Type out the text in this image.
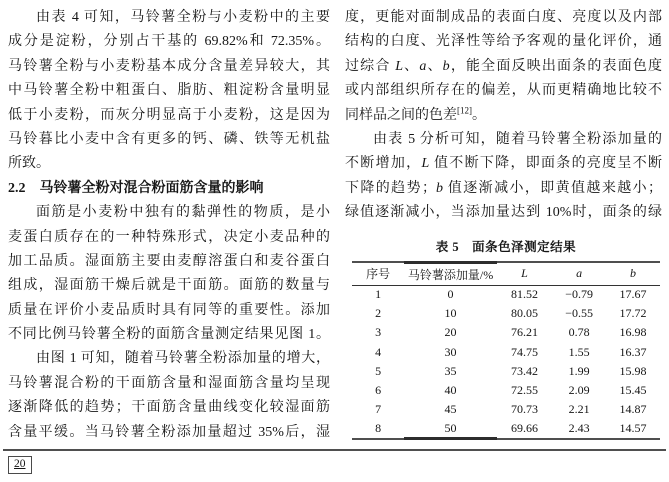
由表 4 可知，马铃薯全粉与小麦粉中的主要
成分是淀粉，分别占干基的 69.82%和 72.35%。
马铃薯全粉与小麦粉基本成分含量差异较大，其
中马铃薯全粉中粗蛋白、脂肪、粗淀粉含量明显
低于小麦粉，而灰分明显高于小麦粉，这是因为
马铃暮比小麦中含有更多的钙、磷、铁等无机盐
所致。
2.2　马铃薯全粉对混合粉面筋含量的影响
面筋是小麦粉中独有的黏弹性的物质，是小
麦蛋白质存在的一种特殊形式，决定小麦品种的
加工品质。湿面筋主要由麦醇溶蛋白和麦谷蛋白
组成，湿面筋干燥后就是干面筋。面筋的数量与
质量在评价小麦品质时具有同等的重要性。添加
不同比例马铃薯全粉的面筋含量测定结果见图 1。
由图 1 可知，随着马铃薯全粉添加量的增大，
马铃薯混合粉的干面筋含量和湿面筋含量均呈现
逐渐降低的趋势；干面筋含量曲线变化较湿面筋
含量平缓。当马铃薯全粉添加量超过 35%后，湿
度，更能对面制成品的表面白度、亮度以及内部
结构的白度、光泽性等给予客观的量化评价，通
过综合 L、a、b，能全面反映出面条的表面色度
或内部组织所存在的偏差，从而更精确地比较不
同样品之间的色差[12]。
由表 5 分析可知，随着马铃薯全粉添加量的
不断增加，L 值不断下降，即面条的亮度呈不断
下降的趋势；b 值逐渐减小，即黄值越来越小；
绿值逐渐减小，当添加量达到 10%时，面条的绿
表 5　面条色泽测定结果
序号	马铃薯添加量/%	L	a	b
1	0	81.52	−0.79	17.67
2	10	80.05	−0.55	17.72
3	20	76.21	0.78	16.98
4	30	74.75	1.55	16.37
5	35	73.42	1.99	15.98
6	40	72.55	2.09	15.45
7	45	70.73	2.21	14.87
8	50	69.66	2.43	14.57
20
